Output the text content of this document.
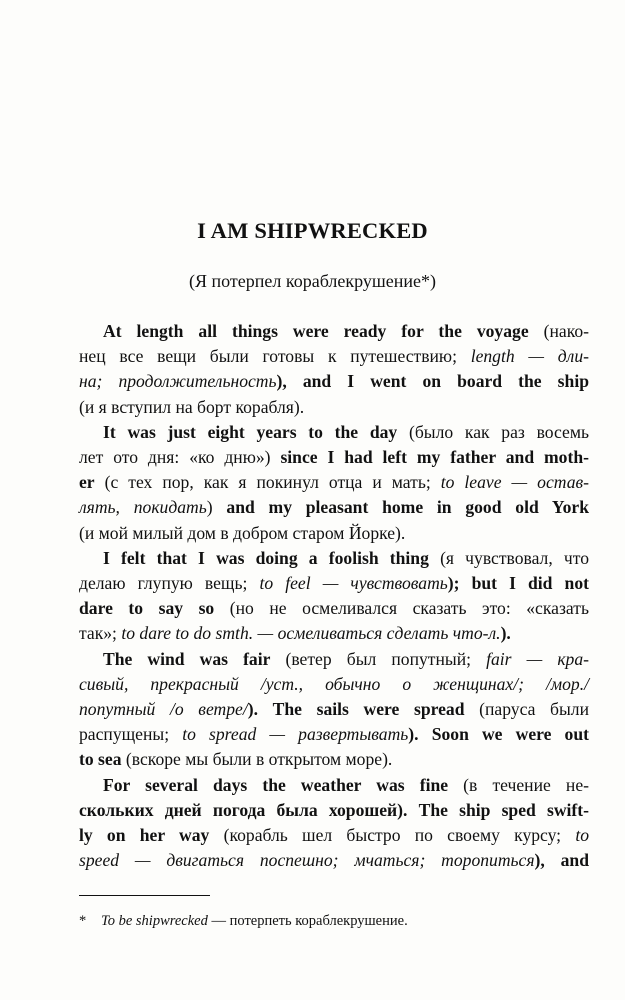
I AM SHIPWRECKED
(Я потерпел кораблекрушение*)
At length all things were ready for the voyage (нако-
нец все вещи были готовы к путешествию; length — дли-
на; продолжительность), and I went on board the ship
(и я вступил на борт корабля).
It was just eight years to the day (было как раз восемь
лет ото дня: «ко дню») since I had left my father and moth-
er (с тех пор, как я покинул отца и мать; to leave — остав-
лять, покидать) and my pleasant home in good old York
(и мой милый дом в добром старом Йорке).
I felt that I was doing a foolish thing (я чувствовал, что
делаю глупую вещь; to feel — чувствовать); but I did not
dare to say so (но не осмеливался сказать это: «сказать
так»; to dare to do smth. — осмеливаться сделать что-л.).
The wind was fair (ветер был попутный; fair — кра-
сивый, прекрасный /уст., обычно о женщинах/; /мор./
попутный /о ветре/). The sails were spread (паруса были
распущены; to spread — развертывать). Soon we were out
to sea (вскоре мы были в открытом море).
For several days the weather was fine (в течение не-
скольких дней погода была хорошей). The ship sped swift-
ly on her way (корабль шел быстро по своему курсу; to
speed — двигаться поспешно; мчаться; торопиться), and
* To be shipwrecked — потерпеть кораблекрушение.
